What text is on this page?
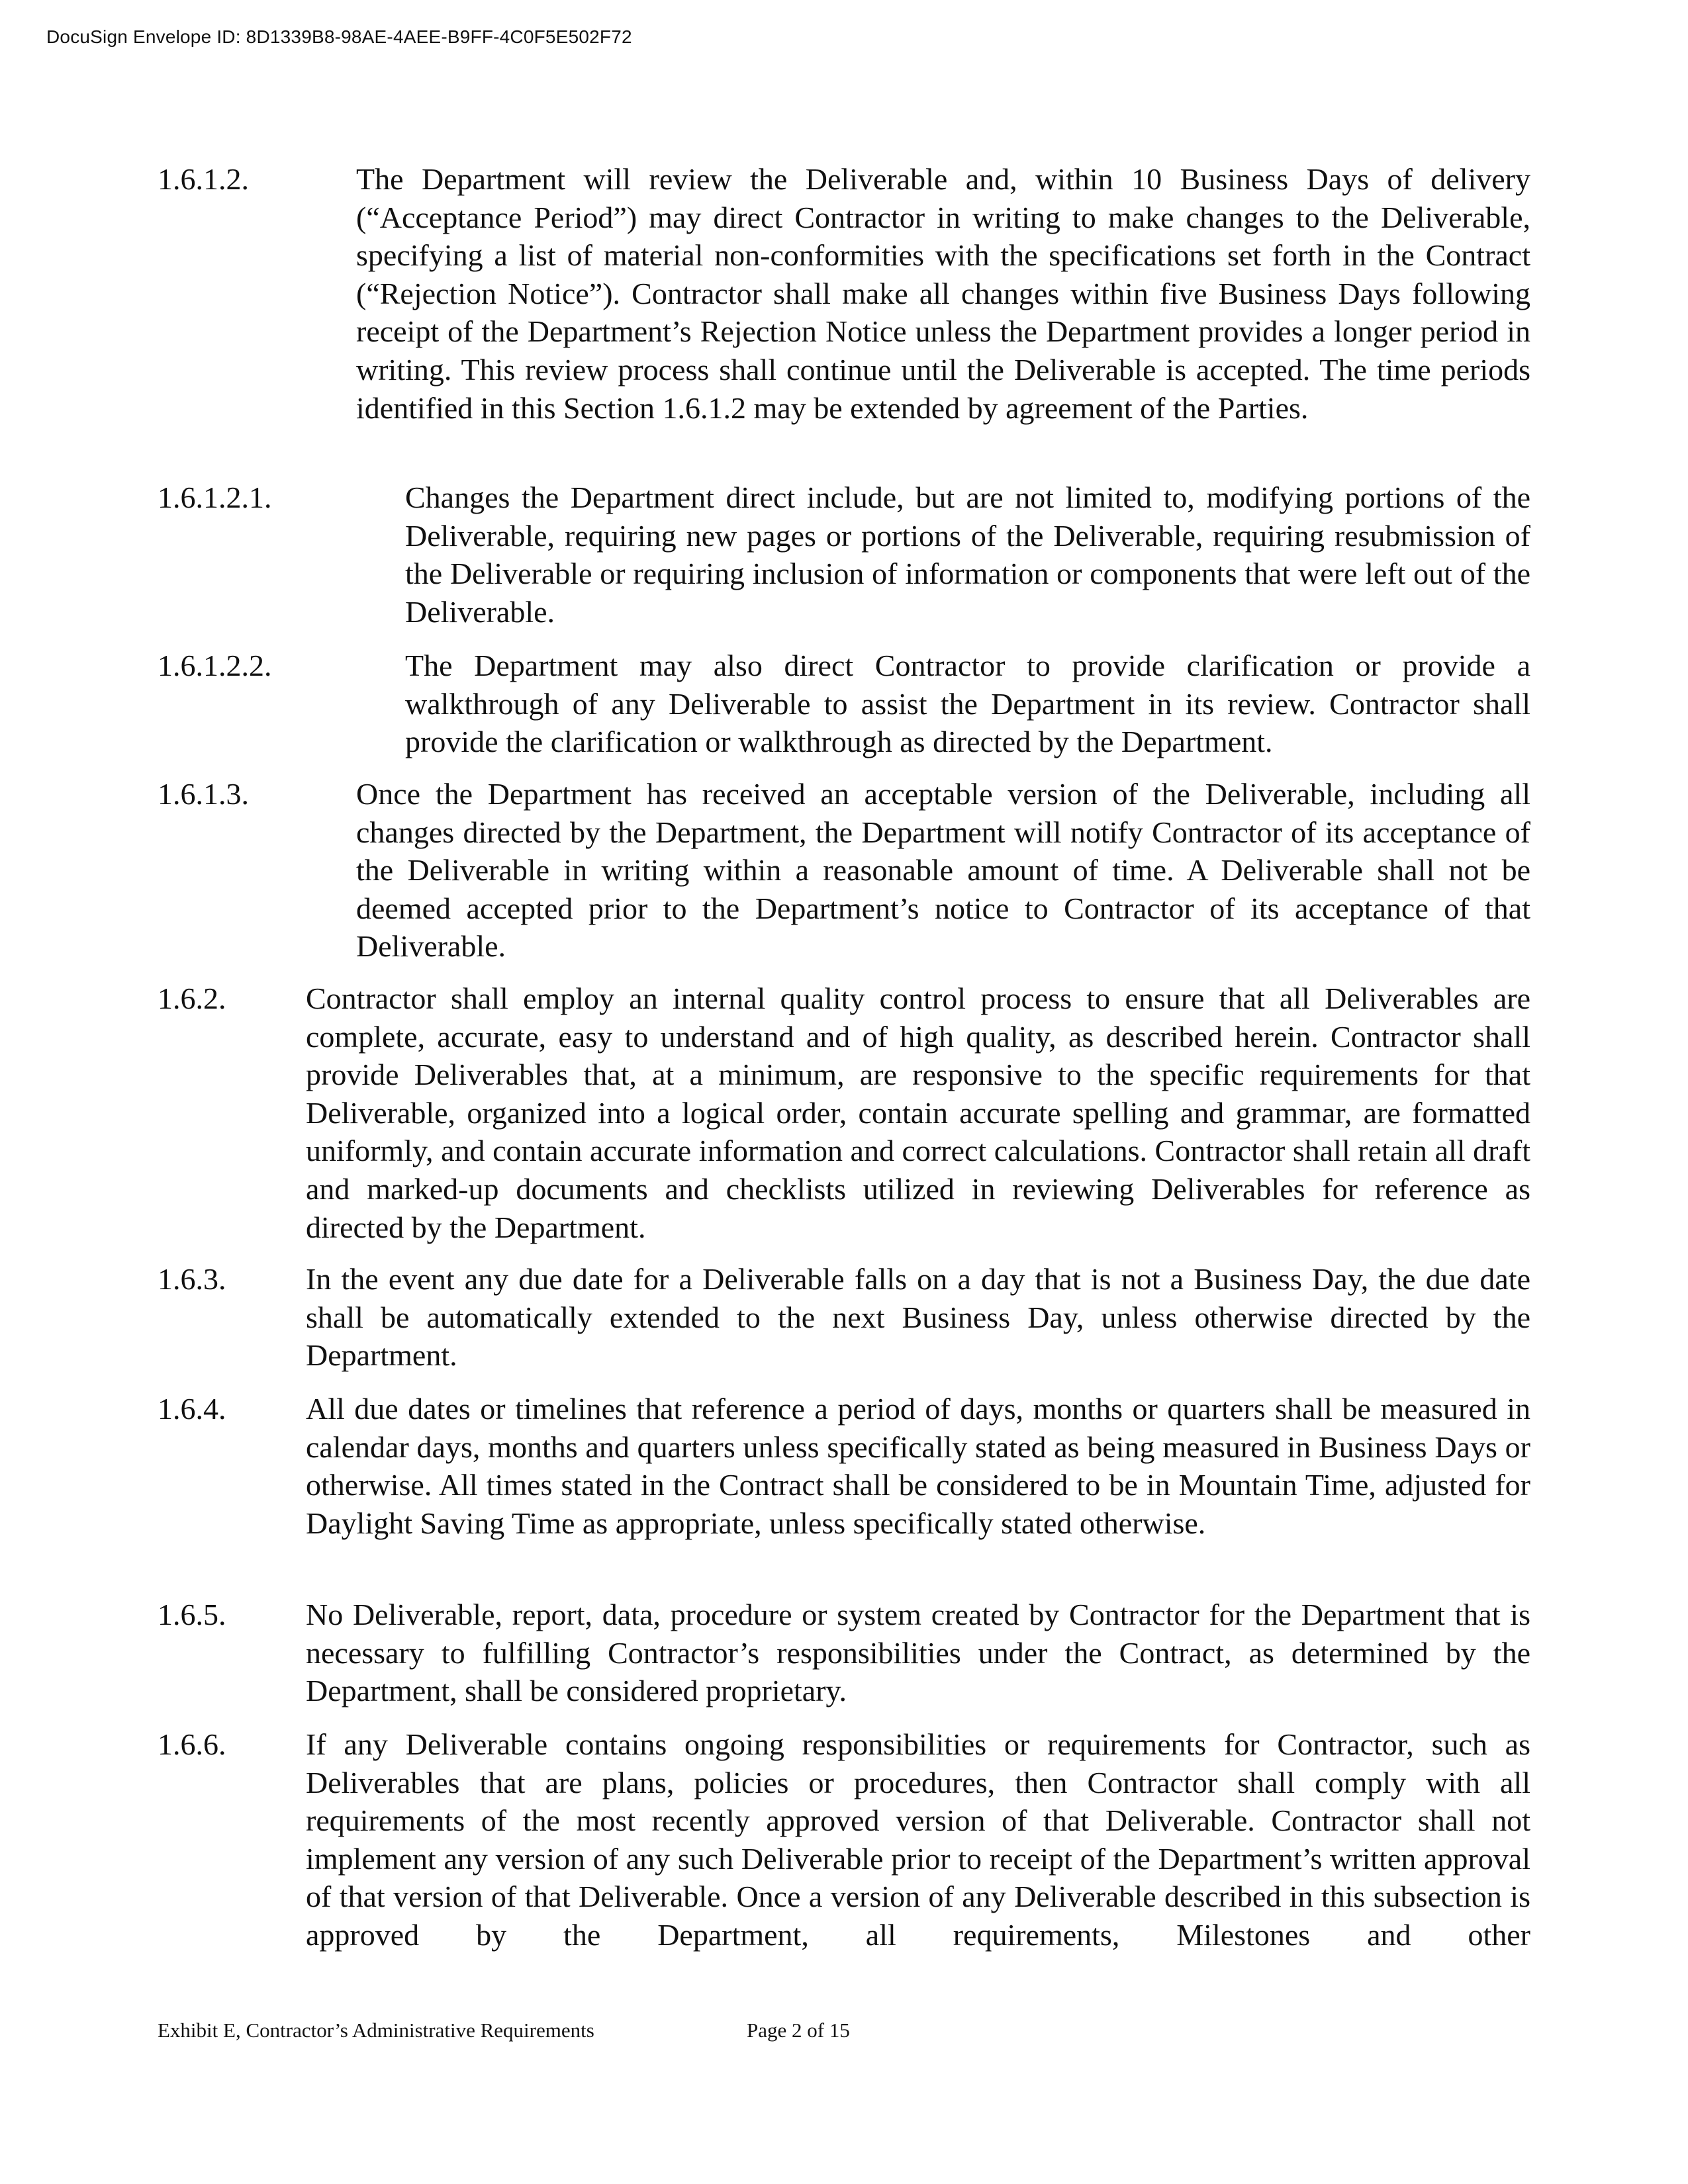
DocuSign Envelope ID: 8D1339B8-98AE-4AEE-B9FF-4C0F5E502F72
1.6.1.2.	The Department will review the Deliverable and, within 10 Business Days of delivery (“Acceptance Period”) may direct Contractor in writing to make changes to the Deliverable, specifying a list of material non-conformities with the specifications set forth in the Contract (“Rejection Notice”). Contractor shall make all changes within five Business Days following receipt of the Department’s Rejection Notice unless the Department provides a longer period in writing. This review process shall continue until the Deliverable is accepted. The time periods identified in this Section 1.6.1.2 may be extended by agreement of the Parties.
1.6.1.2.1.	Changes the Department direct include, but are not limited to, modifying portions of the Deliverable, requiring new pages or portions of the Deliverable, requiring resubmission of the Deliverable or requiring inclusion of information or components that were left out of the Deliverable.
1.6.1.2.2.	The Department may also direct Contractor to provide clarification or provide a walkthrough of any Deliverable to assist the Department in its review. Contractor shall provide the clarification or walkthrough as directed by the Department.
1.6.1.3.	Once the Department has received an acceptable version of the Deliverable, including all changes directed by the Department, the Department will notify Contractor of its acceptance of the Deliverable in writing within a reasonable amount of time. A Deliverable shall not be deemed accepted prior to the Department’s notice to Contractor of its acceptance of that Deliverable.
1.6.2.	Contractor shall employ an internal quality control process to ensure that all Deliverables are complete, accurate, easy to understand and of high quality, as described herein. Contractor shall provide Deliverables that, at a minimum, are responsive to the specific requirements for that Deliverable, organized into a logical order, contain accurate spelling and grammar, are formatted uniformly, and contain accurate information and correct calculations. Contractor shall retain all draft and marked-up documents and checklists utilized in reviewing Deliverables for reference as directed by the Department.
1.6.3.	In the event any due date for a Deliverable falls on a day that is not a Business Day, the due date shall be automatically extended to the next Business Day, unless otherwise directed by the Department.
1.6.4.	All due dates or timelines that reference a period of days, months or quarters shall be measured in calendar days, months and quarters unless specifically stated as being measured in Business Days or otherwise. All times stated in the Contract shall be considered to be in Mountain Time, adjusted for Daylight Saving Time as appropriate, unless specifically stated otherwise.
1.6.5.	No Deliverable, report, data, procedure or system created by Contractor for the Department that is necessary to fulfilling Contractor’s responsibilities under the Contract, as determined by the Department, shall be considered proprietary.
1.6.6.	If any Deliverable contains ongoing responsibilities or requirements for Contractor, such as Deliverables that are plans, policies or procedures, then Contractor shall comply with all requirements of the most recently approved version of that Deliverable. Contractor shall not implement any version of any such Deliverable prior to receipt of the Department’s written approval of that version of that Deliverable. Once a version of any Deliverable described in this subsection is approved by the Department, all requirements, Milestones and other
Exhibit E, Contractor’s Administrative Requirements	Page 2 of 15
